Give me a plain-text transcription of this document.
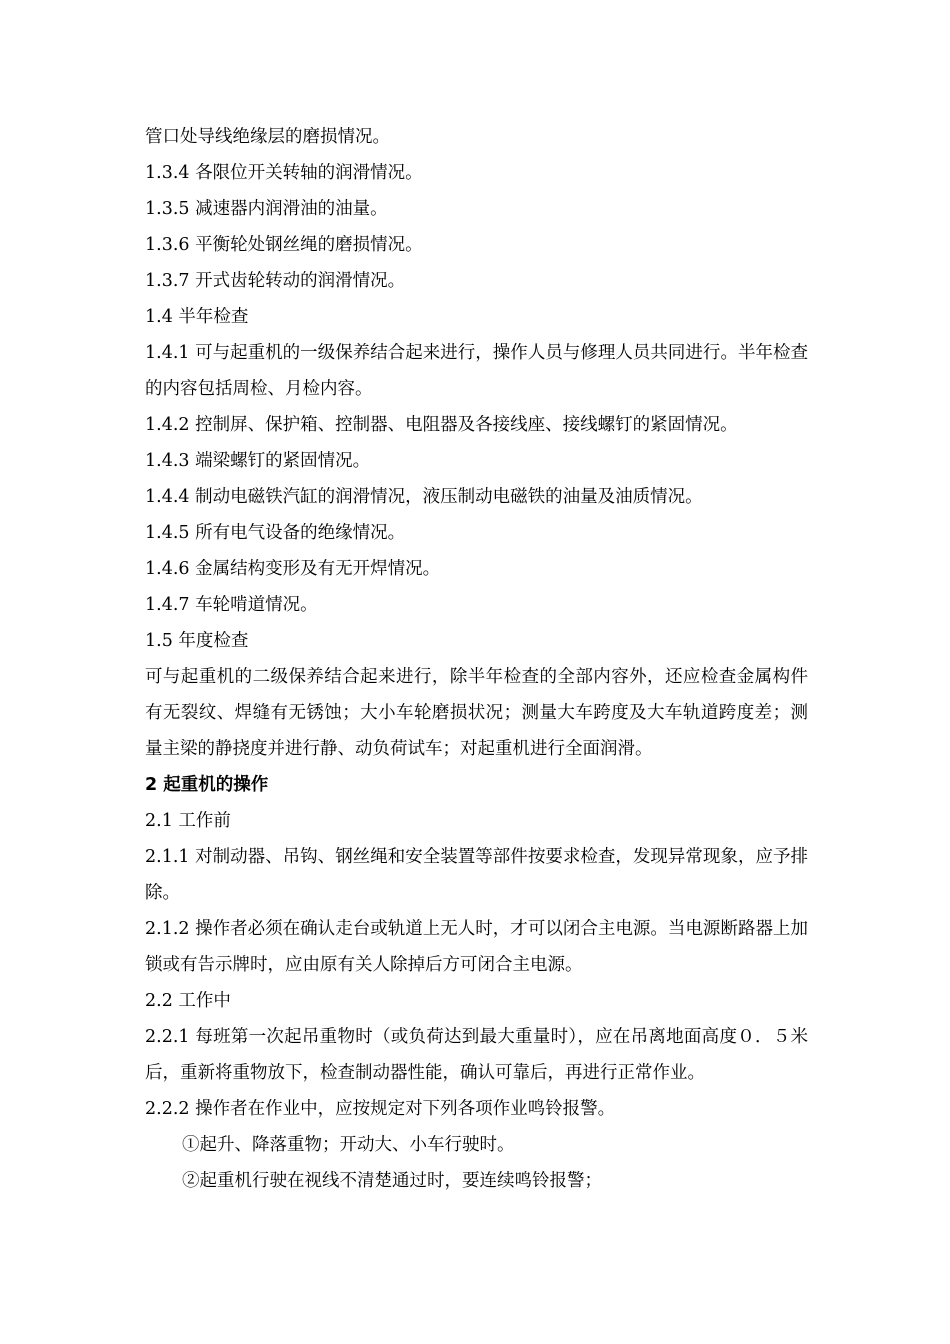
管口处导线绝缘层的磨损情况。
1.3.4 各限位开关转轴的润滑情况。
1.3.5 减速器内润滑油的油量。
1.3.6 平衡轮处钢丝绳的磨损情况。
1.3.7 开式齿轮转动的润滑情况。
1.4 半年检查
1.4.1 可与起重机的一级保养结合起来进行，操作人员与修理人员共同进行。半年检查的内容包括周检、月检内容。
1.4.2 控制屏、保护箱、控制器、电阻器及各接线座、接线螺钉的紧固情况。
1.4.3 端梁螺钉的紧固情况。
1.4.4 制动电磁铁汽缸的润滑情况，液压制动电磁铁的油量及油质情况。
1.4.5 所有电气设备的绝缘情况。
1.4.6 金属结构变形及有无开焊情况。
1.4.7 车轮啃道情况。
1.5 年度检查
可与起重机的二级保养结合起来进行，除半年检查的全部内容外，还应检查金属构件有无裂纹、焊缝有无锈蚀；大小车轮磨损状况；测量大车跨度及大车轨道跨度差；测量主梁的静挠度并进行静、动负荷试车；对起重机进行全面润滑。
2 起重机的操作
2.1 工作前
2.1.1 对制动器、吊钩、钢丝绳和安全装置等部件按要求检查，发现异常现象，应予排除。
2.1.2 操作者必须在确认走台或轨道上无人时，才可以闭合主电源。当电源断路器上加锁或有告示牌时，应由原有关人除掉后方可闭合主电源。
2.2 工作中
2.2.1 每班第一次起吊重物时（或负荷达到最大重量时），应在吊离地面高度０．５米后，重新将重物放下，检查制动器性能，确认可靠后，再进行正常作业。
2.2.2 操作者在作业中，应按规定对下列各项作业鸣铃报警。
①起升、降落重物；开动大、小车行驶时。
②起重机行驶在视线不清楚通过时，要连续鸣铃报警；
